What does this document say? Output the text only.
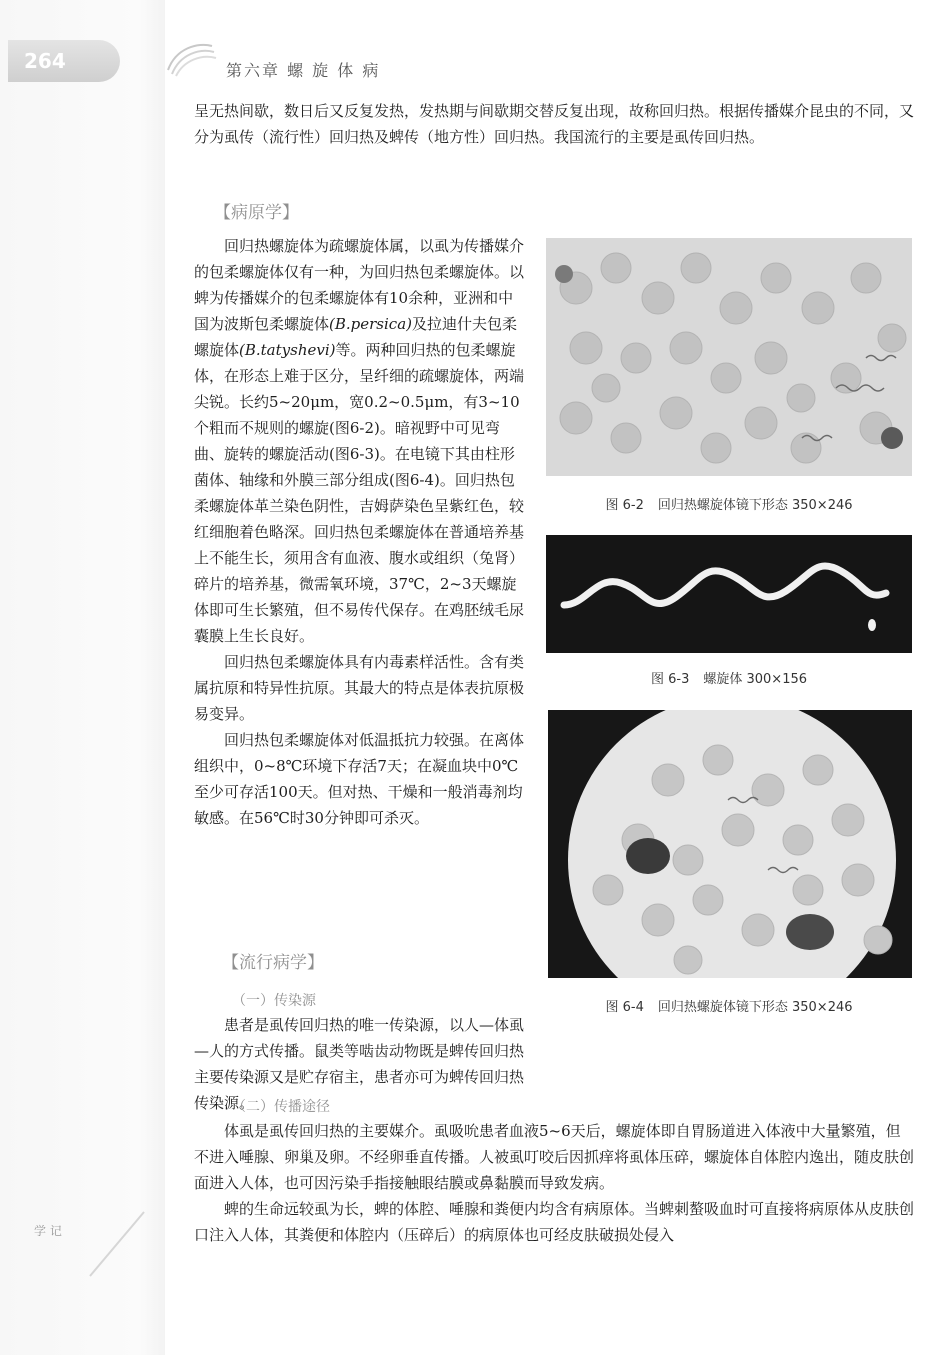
264	第六章 螺 旋 体 病

呈无热间歇，数日后又反复发热，发热期与间歇期交替反复出现，故称回归热。根据传播媒介昆虫的不同，又分为虱传（流行性）回归热及蜱传（地方性）回归热。我国流行的主要是虱传回归热。

【病原学】

回归热螺旋体为疏螺旋体属，以虱为传播媒介的包柔螺旋体仅有一种，为回归热包柔螺旋体。以蜱为传播媒介的包柔螺旋体有10余种，亚洲和中国为波斯包柔螺旋体(B.persica)及拉迪什夫包柔螺旋体(B.tatyshevi)等。两种回归热的包柔螺旋体，在形态上难于区分，呈纤细的疏螺旋体，两端尖锐。长约5~20μm，宽0.2~0.5μm，有3~10个粗而不规则的螺旋(图6-2)。暗视野中可见弯曲、旋转的螺旋活动(图6-3)。在电镜下其由柱形菌体、轴缘和外膜三部分组成(图6-4)。回归热包柔螺旋体革兰染色阴性，吉姆萨染色呈紫红色，较红细胞着色略深。回归热包柔螺旋体在普通培养基上不能生长，须用含有血液、腹水或组织（兔肾）碎片的培养基，微需氧环境，37℃，2~3天螺旋体即可生长繁殖，但不易传代保存。在鸡胚绒毛尿囊膜上生长良好。

回归热包柔螺旋体具有内毒素样活性。含有类属抗原和特异性抗原。其最大的特点是体表抗原极易变异。

回归热包柔螺旋体对低温抵抗力较强。在离体组织中，0~8℃环境下存活7天；在凝血块中0℃至少可存活100天。但对热、干燥和一般消毒剂均敏感。在56℃时30分钟即可杀灭。

图 6-2 回归热螺旋体镜下形态 350×246
图 6-3 螺旋体 300×156
图 6-4 回归热螺旋体镜下形态 350×246
【流行病学】
（一）传染源

患者是虱传回归热的唯一传染源，以人—体虱—人的方式传播。鼠类等啮齿动物既是蜱传回归热主要传染源又是贮存宿主，患者亦可为蜱传回归热传染源。

（二）传播途径

体虱是虱传回归热的主要媒介。虱吸吮患者血液5~6天后，螺旋体即自胃肠道进入体液中大量繁殖，但不进入唾腺、卵巢及卵。不经卵垂直传播。人被虱叮咬后因抓痒将虱体压碎，螺旋体自体腔内逸出，随皮肤创面进入人体，也可因污染手指接触眼结膜或鼻黏膜而导致发病。

蜱的生命远较虱为长，蜱的体腔、唾腺和粪便内均含有病原体。当蜱刺螯吸血时可直接将病原体从皮肤创口注入人体，其粪便和体腔内（压碎后）的病原体也可经皮肤破损处侵入

学 记
